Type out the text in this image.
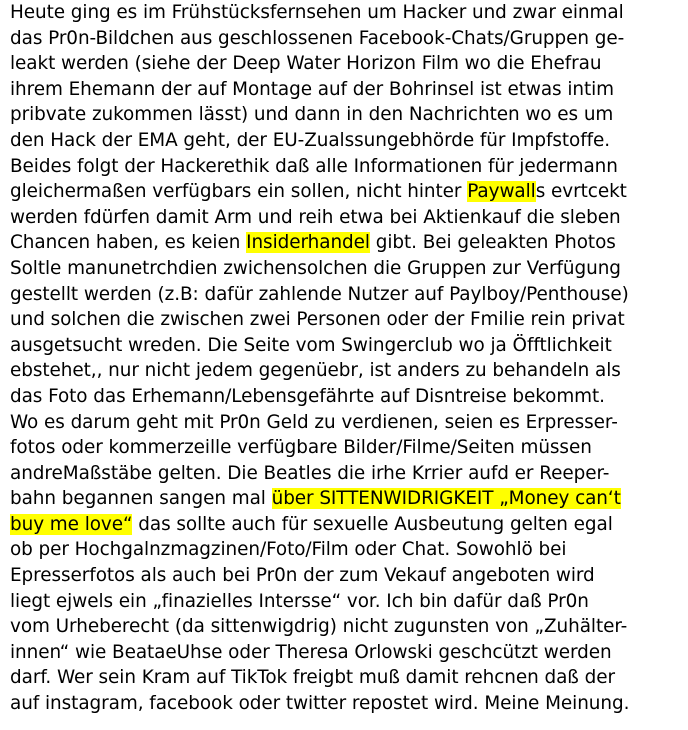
Heute ging es im Frühstücksfernsehen um Hacker und zwar einmal
das Pr0n-Bildchen aus geschlossenen Facebook-Chats/Gruppen ge-
leakt werden (siehe der Deep Water Horizon Film wo die Ehefrau
ihrem Ehemann der auf Montage auf der Bohrinsel ist etwas intim
pribvate zukommen lässt) und dann in den Nachrichten wo es um
den Hack der EMA geht, der EU-Zualssungebhörde für Impfstoffe.
Beides folgt der Hackerethik daß alle Informationen für jedermann
gleichermaßen verfügbars ein sollen, nicht hinter Paywalls evrtcekt
werden fdürfen damit Arm und reih etwa bei Aktienkauf die sleben
Chancen haben, es keien Insiderhandel gibt. Bei geleakten Photos
Soltle manunetrchdien zwichensolchen die Gruppen zur Verfügung
gestellt werden (z.B: dafür zahlende Nutzer auf Paylboy/Penthouse)
und solchen die zwischen zwei Personen oder der Fmilie rein privat
ausgetsucht wreden. Die Seite vom Swingerclub wo ja Öfftlichkeit
ebstehet,, nur nicht jedem gegenüebr, ist anders zu behandeln als
das Foto das Erhemann/Lebensgefährte auf Disntreise bekommt.
Wo es darum geht mit Pr0n Geld zu verdienen, seien es Erpresser-
fotos oder kommerzeille verfügbare Bilder/Filme/Seiten müssen
andreMaßstäbe gelten. Die Beatles die irhe Krrier aufd er Reeper-
bahn begannen sangen mal über SITTENWIDRIGKEIT „Money can‘t
buy me love“ das sollte auch für sexuelle Ausbeutung gelten egal
ob per Hochgalnzmagzinen/Foto/Film oder Chat. Sowohlö bei
Epresserfotos als auch bei Pr0n der zum Vekauf angeboten wird
liegt ejwels ein „finazielles Intersse“ vor. Ich bin dafür daß Pr0n
vom Urheberecht (da sittenwigdrig) nicht zugunsten von „Zuhälter-
innen“ wie BeataeUhse oder Theresa Orlowski geschcützt werden
darf. Wer sein Kram auf TikTok freigbt muß damit rehcnen daß der
auf instagram, facebook oder twitter repostet wird. Meine Meinung.
